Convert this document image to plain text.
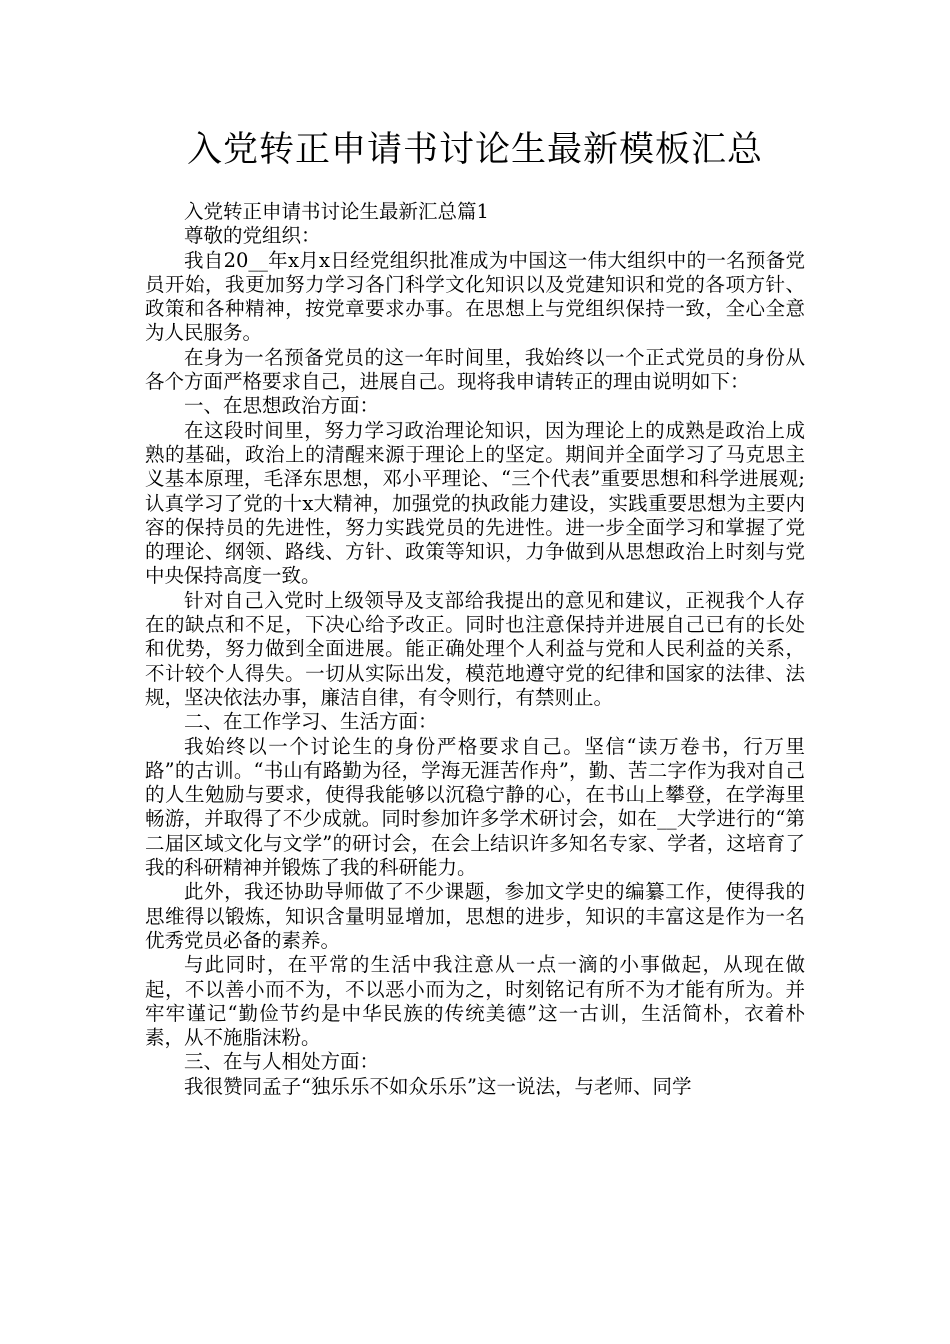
入党转正申请书讨论生最新模板汇总

入党转正申请书讨论生最新汇总篇1

尊敬的党组织：

我自20__年x月x日经党组织批准成为中国这一伟大组织中的一名预备党员开始，我更加努力学习各门科学文化知识以及党建知识和党的各项方针、政策和各种精神，按党章要求办事。在思想上与党组织保持一致，全心全意为人民服务。

在身为一名预备党员的这一年时间里，我始终以一个正式党员的身份从各个方面严格要求自己，进展自己。现将我申请转正的理由说明如下：

一、在思想政治方面：

在这段时间里，努力学习政治理论知识，因为理论上的成熟是政治上成熟的基础，政治上的清醒来源于理论上的坚定。期间并全面学习了马克思主义基本原理，毛泽东思想，邓小平理论、“三个代表”重要思想和科学进展观;认真学习了党的十x大精神，加强党的执政能力建设，实践重要思想为主要内容的保持员的先进性，努力实践党员的先进性。进一步全面学习和掌握了党的理论、纲领、路线、方针、政策等知识，力争做到从思想政治上时刻与党中央保持高度一致。

针对自己入党时上级领导及支部给我提出的意见和建议，正视我个人存在的缺点和不足，下决心给予改正。同时也注意保持并进展自己已有的长处和优势，努力做到全面进展。能正确处理个人利益与党和人民利益的关系，不计较个人得失。一切从实际出发，模范地遵守党的纪律和国家的法律、法规，坚决依法办事，廉洁自律，有令则行，有禁则止。

二、在工作学习、生活方面：

我始终以一个讨论生的身份严格要求自己。坚信“读万卷书，行万里路”的古训。“书山有路勤为径，学海无涯苦作舟”，勤、苦二字作为我对自己的人生勉励与要求，使得我能够以沉稳宁静的心，在书山上攀登，在学海里畅游，并取得了不少成就。同时参加许多学术研讨会，如在__大学进行的“第二届区域文化与文学”的研讨会，在会上结识许多知名专家、学者，这培育了我的科研精神并锻炼了我的科研能力。

此外，我还协助导师做了不少课题，参加文学史的编纂工作，使得我的思维得以锻炼，知识含量明显增加，思想的进步，知识的丰富这是作为一名优秀党员必备的素养。

与此同时，在平常的生活中我注意从一点一滴的小事做起，从现在做起，不以善小而不为，不以恶小而为之，时刻铭记有所不为才能有所为。并牢牢谨记“勤俭节约是中华民族的传统美德”这一古训，生活简朴，衣着朴素，从不施脂沫粉。

三、在与人相处方面：

我很赞同孟子“独乐乐不如众乐乐”这一说法，与老师、同学
